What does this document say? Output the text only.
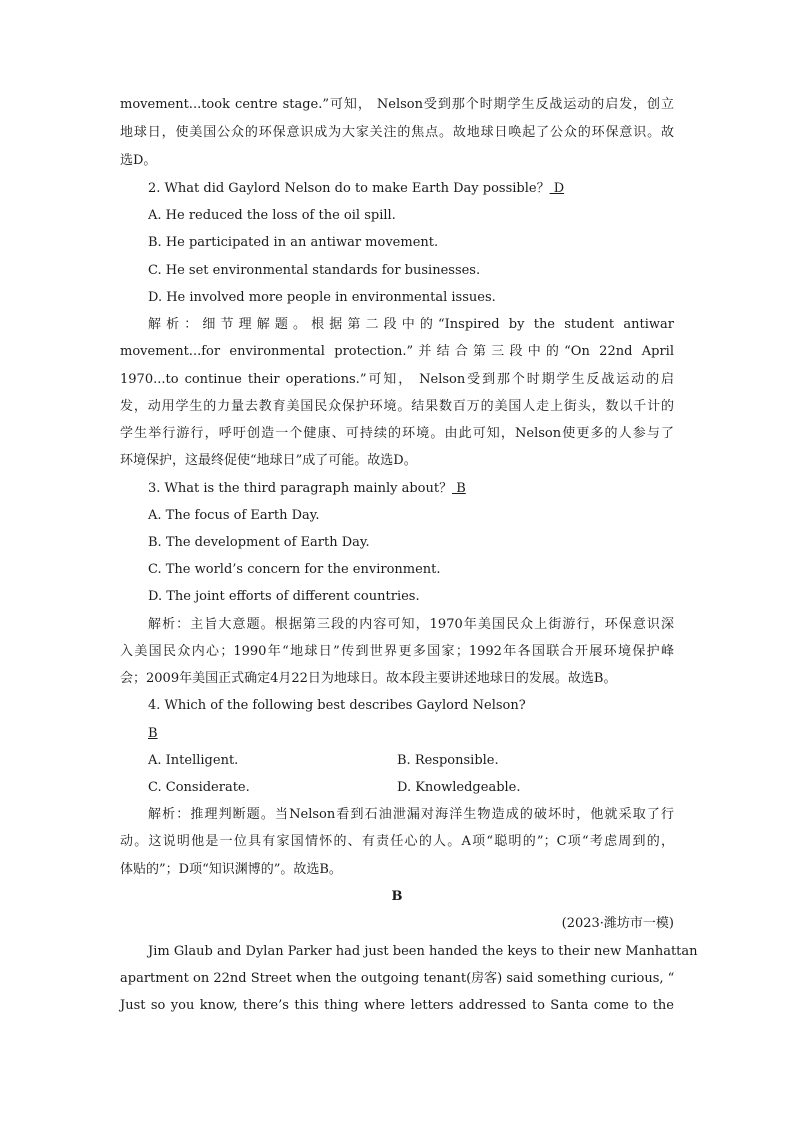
movement...took centre stage.”可知， Nelson受到那个时期学生反战运动的启发，创立
地球日，使美国公众的环保意识成为大家关注的焦点。故地球日唤起了公众的环保意识。故
选D。
2. What did Gaylord Nelson do to make Earth Day possible？ D
A. He reduced the loss of the oil spill.
B. He participated in an antiwar movement.
C. He set environmental standards for businesses.
D. He involved more people in environmental issues.
解析：细节理解题。根据第二段中的“Inspired by the student antiwar
movement...for environmental protection.”并结合第三段中的“On 22nd April
1970...to continue their operations.”可知， Nelson受到那个时期学生反战运动的启
发，动用学生的力量去教育美国民众保护环境。结果数百万的美国人走上街头，数以千计的
学生举行游行，呼吁创造一个健康、可持续的环境。由此可知，Nelson使更多的人参与了
环境保护，这最终促使“地球日”成了可能。故选D。
3. What is the third paragraph mainly about？ B
A. The focus of Earth Day.
B. The development of Earth Day.
C. The world’s concern for the environment.
D. The joint efforts of different countries.
解析：主旨大意题。根据第三段的内容可知，1970年美国民众上街游行，环保意识深
入美国民众内心；1990年“地球日”传到世界更多国家；1992年各国联合开展环境保护峰
会；2009年美国正式确定4月22日为地球日。故本段主要讲述地球日的发展。故选B。
4. Which of the following best describes Gaylord Nelson?
B
A. Intelligent.	B. Responsible.
C. Considerate.	D. Knowledgeable.
解析：推理判断题。当Nelson看到石油泄漏对海洋生物造成的破坏时，他就采取了行
动。这说明他是一位具有家国情怀的、有责任心的人。A项“聪明的”；C项“考虑周到的，
体贴的”；D项“知识渊博的”。故选B。
B
(2023·潍坊市一模)
Jim Glaub and Dylan Parker had just been handed the keys to their new Manhattan
apartment on 22nd Street when the outgoing tenant(房客) said something curious, “
Just so you know, there’s this thing where letters addressed to Santa come to the
